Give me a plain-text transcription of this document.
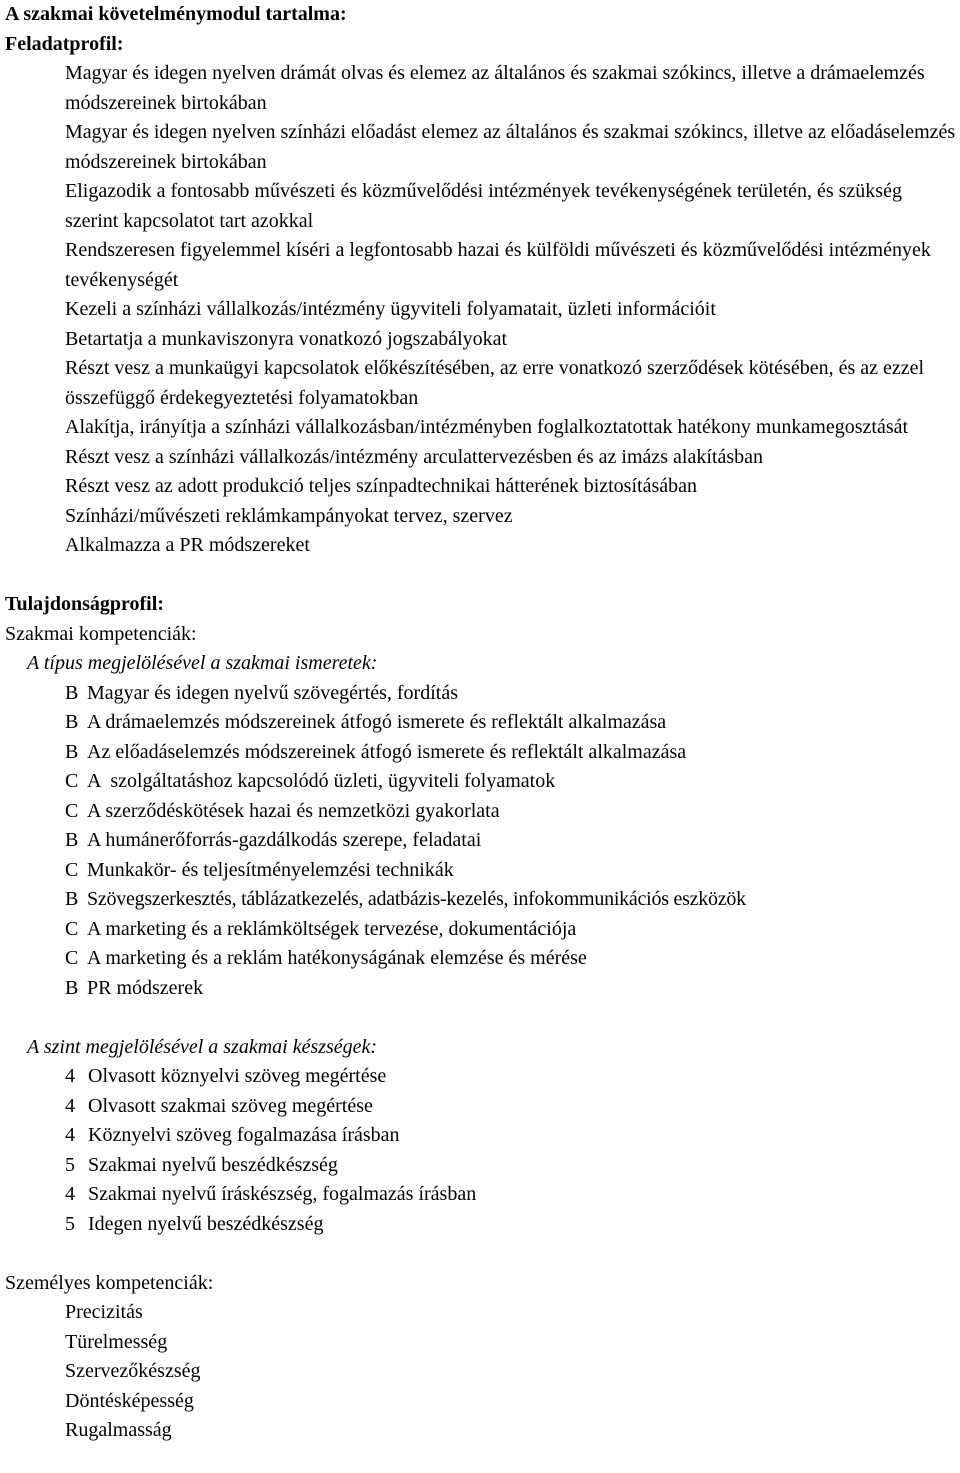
A szakmai követelménymodul tartalma:

Feladatprofil:

Magyar és idegen nyelven drámát olvas és elemez az általános és szakmai szókincs, illetve a drámaelemzés módszereinek birtokában
Magyar és idegen nyelven színházi előadást elemez az általános és szakmai szókincs, illetve az előadáselemzés módszereinek birtokában
Eligazodik a fontosabb művészeti és közművelődési intézmények tevékenységének területén, és szükség szerint kapcsolatot tart azokkal
Rendszeresen figyelemmel kíséri a legfontosabb hazai és külföldi művészeti és közművelődési intézmények tevékenységét
Kezeli a színházi vállalkozás/intézmény ügyviteli folyamatait, üzleti információit
Betartatja a munkaviszonyra vonatkozó jogszabályokat
Részt vesz a munkaügyi kapcsolatok előkészítésében, az erre vonatkozó szerződések kötésében, és az ezzel összefüggő érdekegyeztetési folyamatokban
Alakítja, irányítja a színházi vállalkozásban/intézményben foglalkoztatottak hatékony munkamegosztását
Részt vesz a színházi vállalkozás/intézmény arculattervezésben és az imázs alakításban
Részt vesz az adott produkció teljes színpadtechnikai hátterének biztosításában
Színházi/művészeti reklámkampányokat tervez, szervez
Alkalmazza a PR módszereket

Tulajdonságprofil:

Szakmai kompetenciák:

A típus megjelölésével a szakmai ismeretek:

B Magyar és idegen nyelvű szövegértés, fordítás
B A drámaelemzés módszereinek átfogó ismerete és reflektált alkalmazása
B Az előadáselemzés módszereinek átfogó ismerete és reflektált alkalmazása
C A  szolgáltatáshoz kapcsolódó üzleti, ügyviteli folyamatok
C A szerződéskötések hazai és nemzetközi gyakorlata
B A humánerőforrás-gazdálkodás szerepe, feladatai
C Munkakör- és teljesítményelemzési technikák
B Szövegszerkesztés, táblázatkezelés, adatbázis-kezelés, infokommunikációs eszközök
C A marketing és a reklámköltségek tervezése, dokumentációja
C A marketing és a reklám hatékonyságának elemzése és mérése
B PR módszerek

A szint megjelölésével a szakmai készségek:

4 Olvasott köznyelvi szöveg megértése
4 Olvasott szakmai szöveg megértése
4 Köznyelvi szöveg fogalmazása írásban
5 Szakmai nyelvű beszédkészség
4 Szakmai nyelvű íráskészség, fogalmazás írásban
5 Idegen nyelvű beszédkészség

Személyes kompetenciák:

Precizitás
Türelmesség
Szervezőkészség
Döntésképesség
Rugalmasság
